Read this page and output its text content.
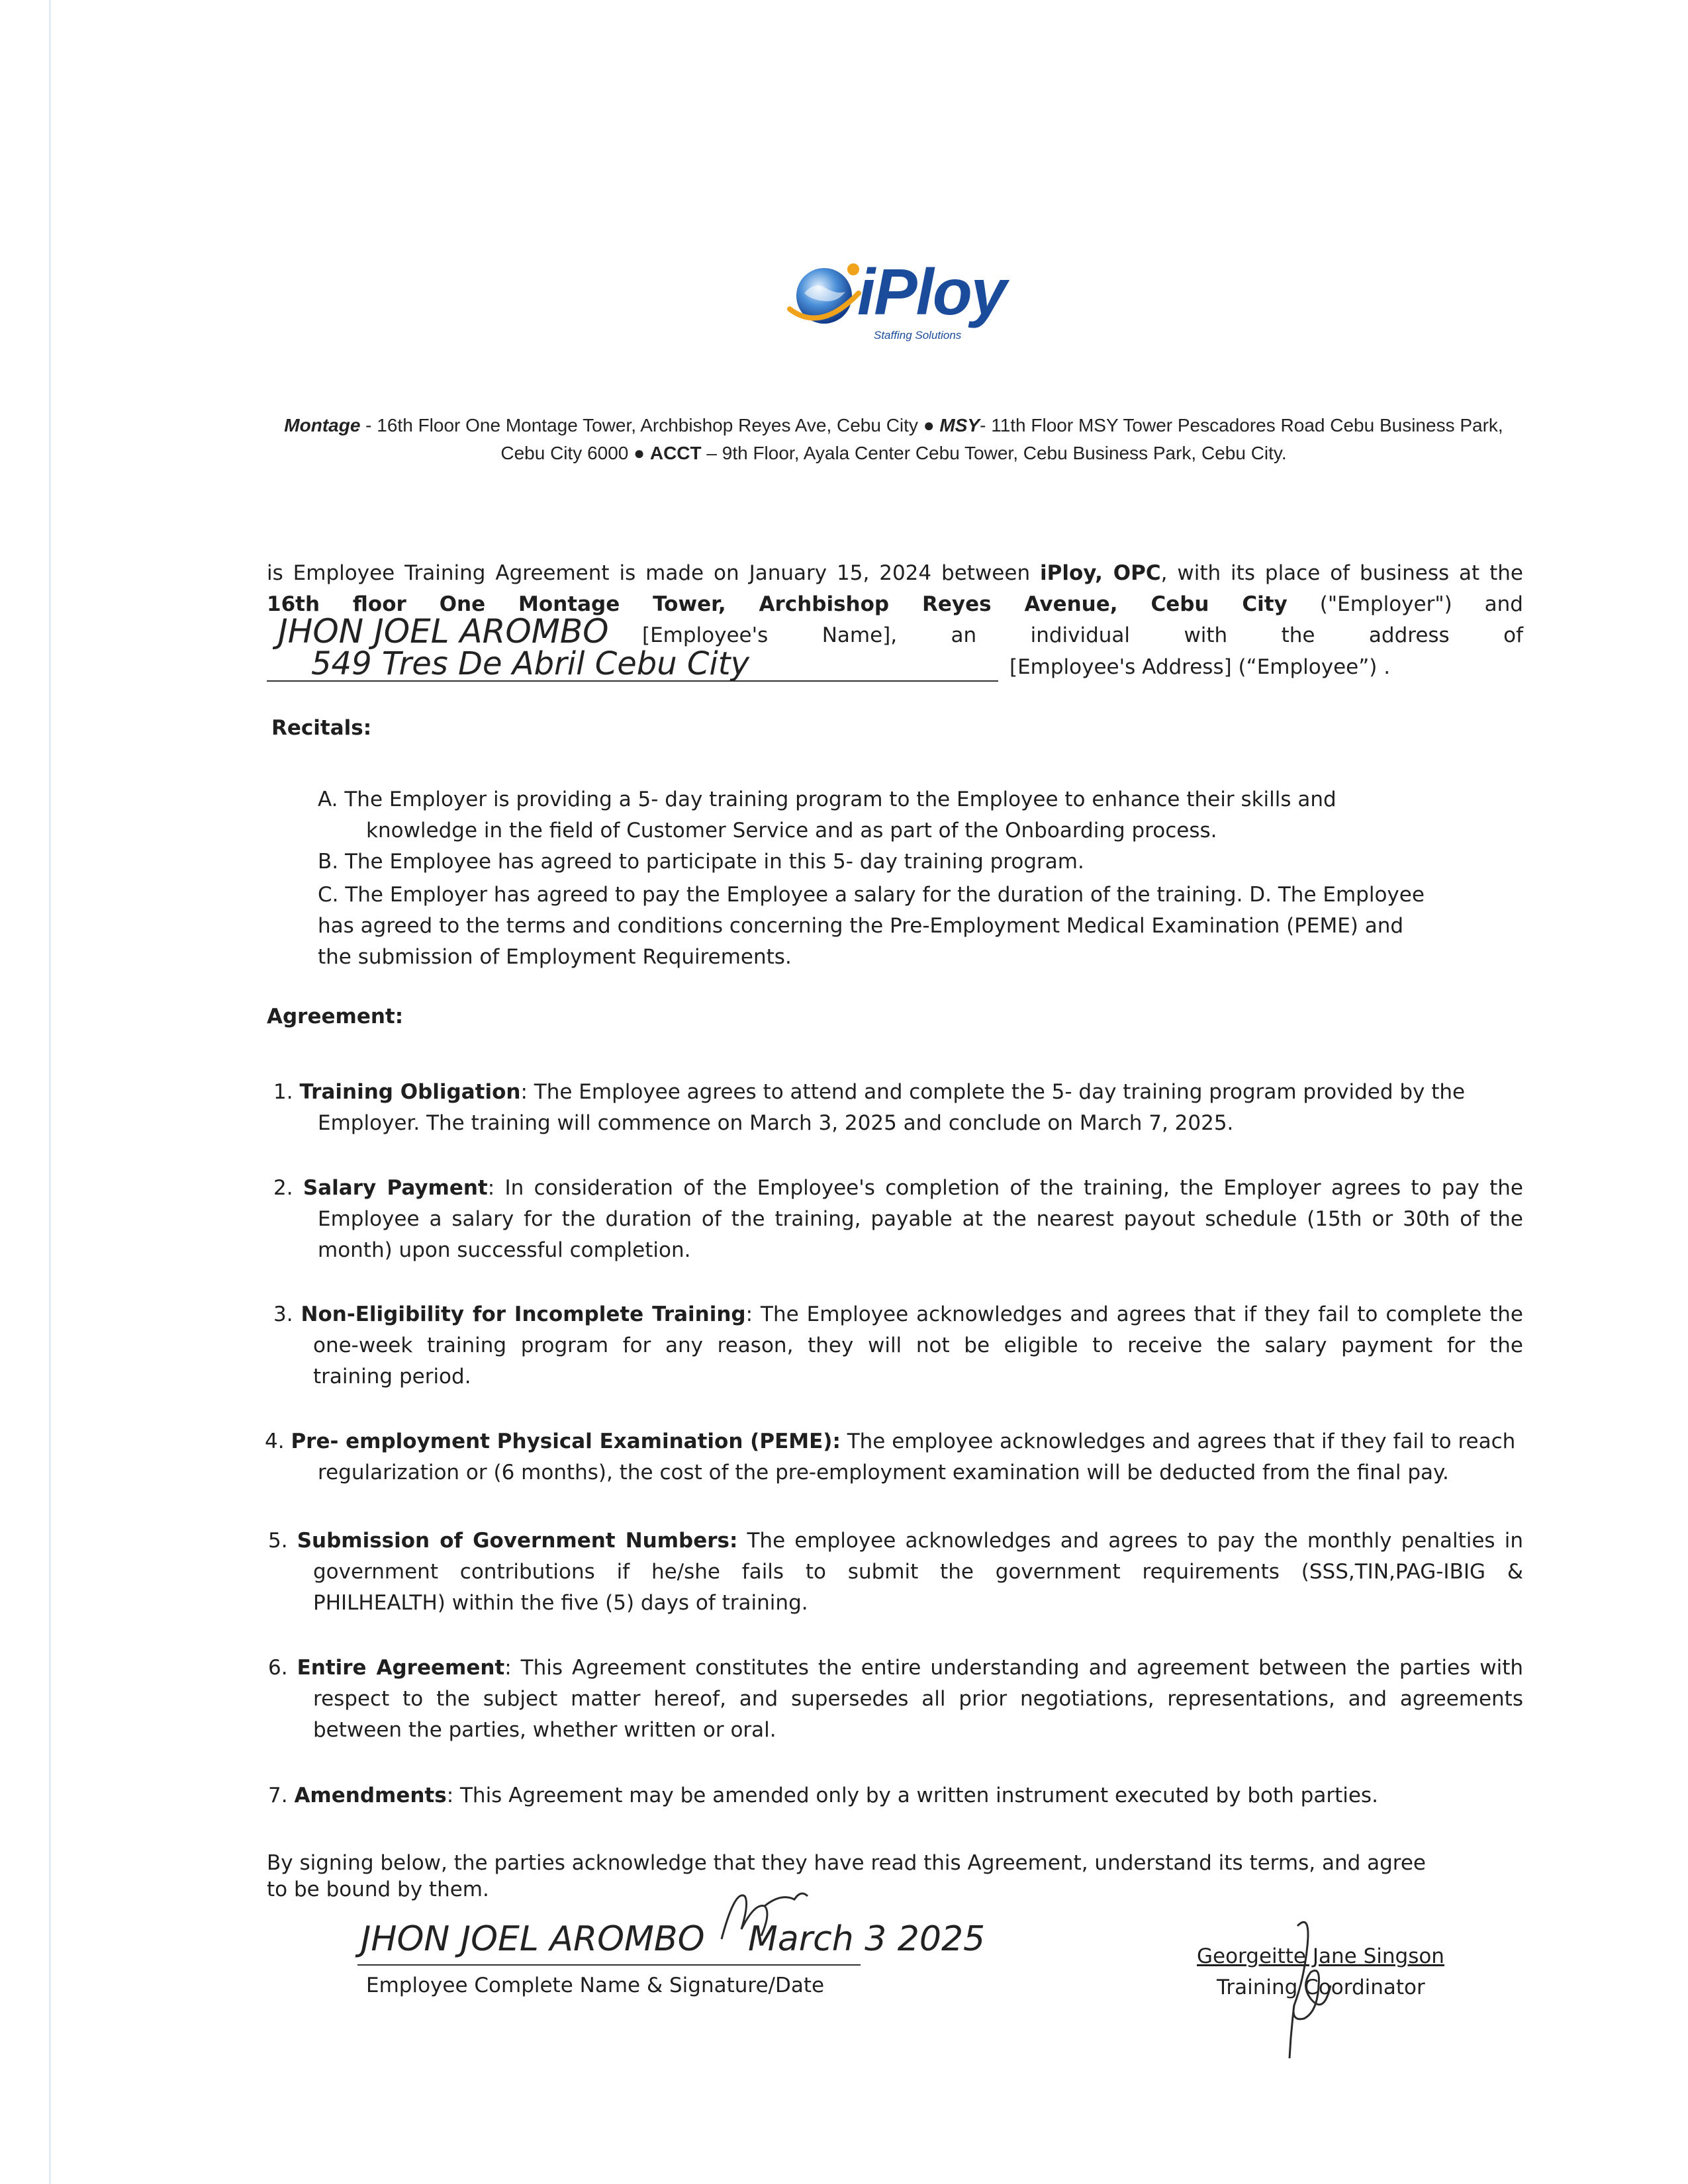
iPloy
Staffing Solutions
Montage - 16th Floor One Montage Tower, Archbishop Reyes Ave, Cebu City ● MSY- 11th Floor MSY Tower Pescadores Road Cebu Business Park, Cebu City 6000 ● ACCT – 9th Floor, Ayala Center Cebu Tower, Cebu Business Park, Cebu City.
is Employee Training Agreement is made on January 15, 2024 between iPloy, OPC, with its place of business at the
16th floor One Montage Tower, Archbishop Reyes Avenue, Cebu City ("Employer") and
JHON JOEL AROMBO [Employee's Name], an individual with the address of
549 Tres De Abril Cebu City	[Employee's Address] (“Employee”) .
Recitals:
A. The Employer is providing a 5- day training program to the Employee to enhance their skills and
knowledge in the field of Customer Service and as part of the Onboarding process.
B. The Employee has agreed to participate in this 5- day training program.
C. The Employer has agreed to pay the Employee a salary for the duration of the training. D. The Employee
has agreed to the terms and conditions concerning the Pre-Employment Medical Examination (PEME) and
the submission of Employment Requirements.
Agreement:
1. Training Obligation: The Employee agrees to attend and complete the 5- day training program provided by the
Employer. The training will commence on March 3, 2025 and conclude on March 7, 2025.
2. Salary Payment: In consideration of the Employee's completion of the training, the Employer agrees to pay the
Employee a salary for the duration of the training, payable at the nearest payout schedule (15th or 30th of the
month) upon successful completion.
3. Non-Eligibility for Incomplete Training: The Employee acknowledges and agrees that if they fail to complete the
one-week training program for any reason, they will not be eligible to receive the salary payment for the
training period.
4. Pre- employment Physical Examination (PEME): The employee acknowledges and agrees that if they fail to reach
regularization or (6 months), the cost of the pre-employment examination will be deducted from the final pay.
5. Submission of Government Numbers: The employee acknowledges and agrees to pay the monthly penalties in
government contributions if he/she fails to submit the government requirements (SSS,TIN,PAG-IBIG &
PHILHEALTH) within the five (5) days of training.
6. Entire Agreement: This Agreement constitutes the entire understanding and agreement between the parties with
respect to the subject matter hereof, and supersedes all prior negotiations, representations, and agreements
between the parties, whether written or oral.
7. Amendments: This Agreement may be amended only by a written instrument executed by both parties.
By signing below, the parties acknowledge that they have read this Agreement, understand its terms, and agree
to be bound by them.
JHON JOEL AROMBO March 3 2025
Employee Complete Name & Signature/Date
Georgeitte Jane Singson
Training Coordinator
